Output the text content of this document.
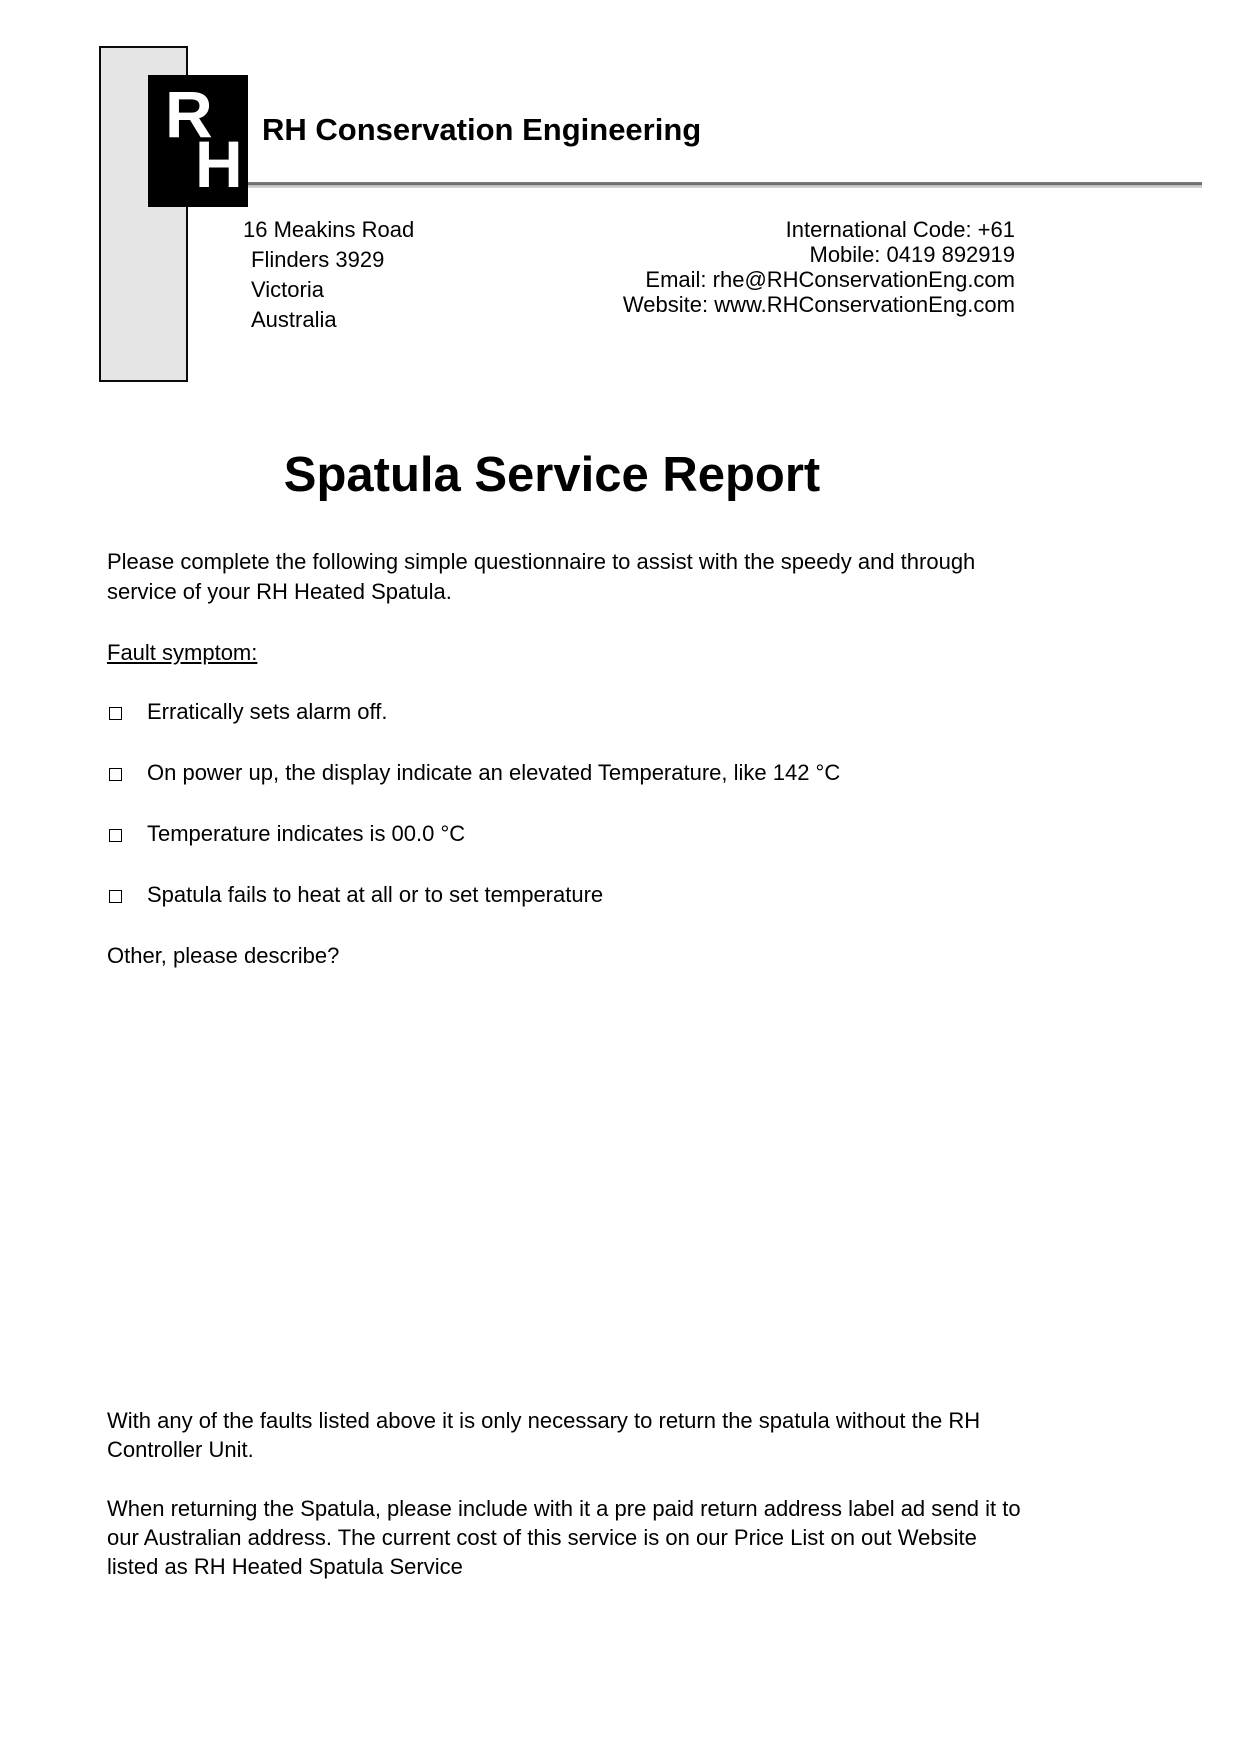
R
H RH Conservation Engineering
16 Meakins Road
Flinders 3929
Victoria
Australia
International Code: +61
Mobile: 0419 892919
Email: rhe@RHConservationEng.com
Website: www.RHConservationEng.com
Spatula Service Report
Please complete the following simple questionnaire to assist with the speedy and through service of your RH Heated Spatula.
Fault symptom:
Erratically sets alarm off.
On power up, the display indicate an elevated Temperature, like 142 °C
Temperature indicates is 00.0 °C
Spatula fails to heat at all or to set temperature
Other, please describe?
With any of the faults listed above it is only necessary to return the spatula without the RH Controller Unit.
When returning the Spatula, please include with it a pre paid return address label ad send it to our Australian address. The current cost of this service is on our Price List on out Website listed as RH Heated Spatula Service
